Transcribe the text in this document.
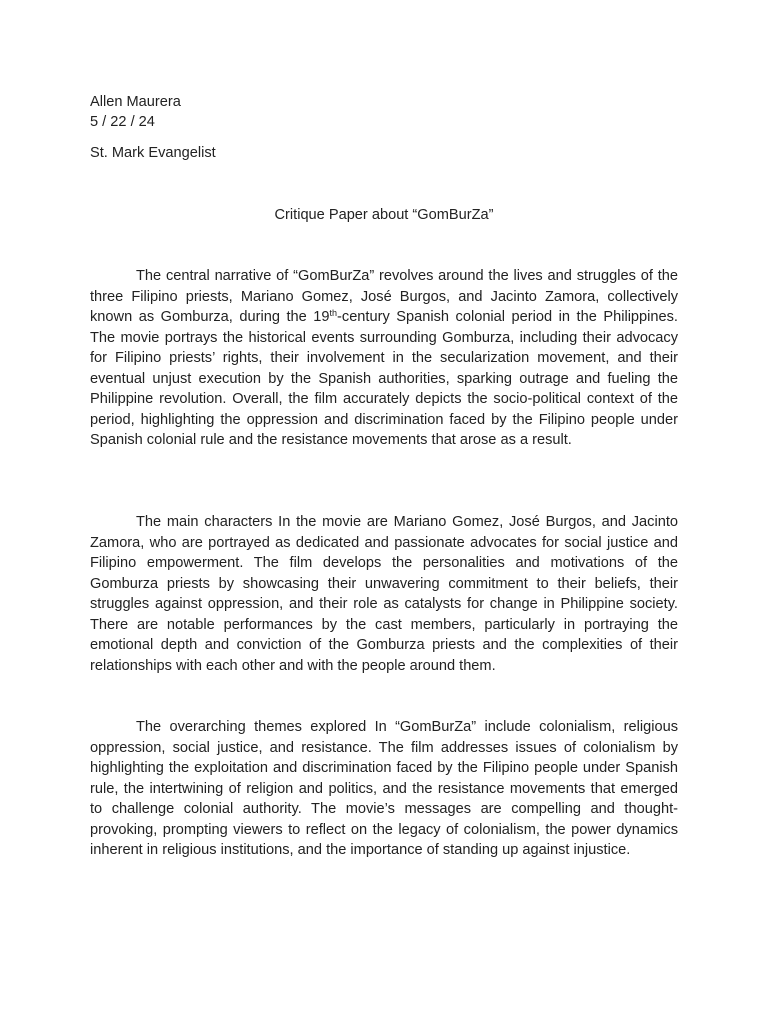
Allen Maurera
5 / 22 / 24
St. Mark Evangelist
Critique Paper about “GomBurZa”

The central narrative of “GomBurZa” revolves around the lives and struggles of the three Filipino priests, Mariano Gomez, José Burgos, and Jacinto Zamora, collectively known as Gomburza, during the 19th-century Spanish colonial period in the Philippines. The movie portrays the historical events surrounding Gomburza, including their advocacy for Filipino priests’ rights, their involvement in the secularization movement, and their eventual unjust execution by the Spanish authorities, sparking outrage and fueling the Philippine revolution. Overall, the film accurately depicts the socio-political context of the period, highlighting the oppression and discrimination faced by the Filipino people under Spanish colonial rule and the resistance movements that arose as a result.

The main characters In the movie are Mariano Gomez, José Burgos, and Jacinto Zamora, who are portrayed as dedicated and passionate advocates for social justice and Filipino empowerment. The film develops the personalities and motivations of the Gomburza priests by showcasing their unwavering commitment to their beliefs, their struggles against oppression, and their role as catalysts for change in Philippine society. There are notable performances by the cast members, particularly in portraying the emotional depth and conviction of the Gomburza priests and the complexities of their relationships with each other and with the people around them.

The overarching themes explored In “GomBurZa” include colonialism, religious oppression, social justice, and resistance. The film addresses issues of colonialism by highlighting the exploitation and discrimination faced by the Filipino people under Spanish rule, the intertwining of religion and politics, and the resistance movements that emerged to challenge colonial authority. The movie’s messages are compelling and thought-provoking, prompting viewers to reflect on the legacy of colonialism, the power dynamics inherent in religious institutions, and the importance of standing up against injustice.
